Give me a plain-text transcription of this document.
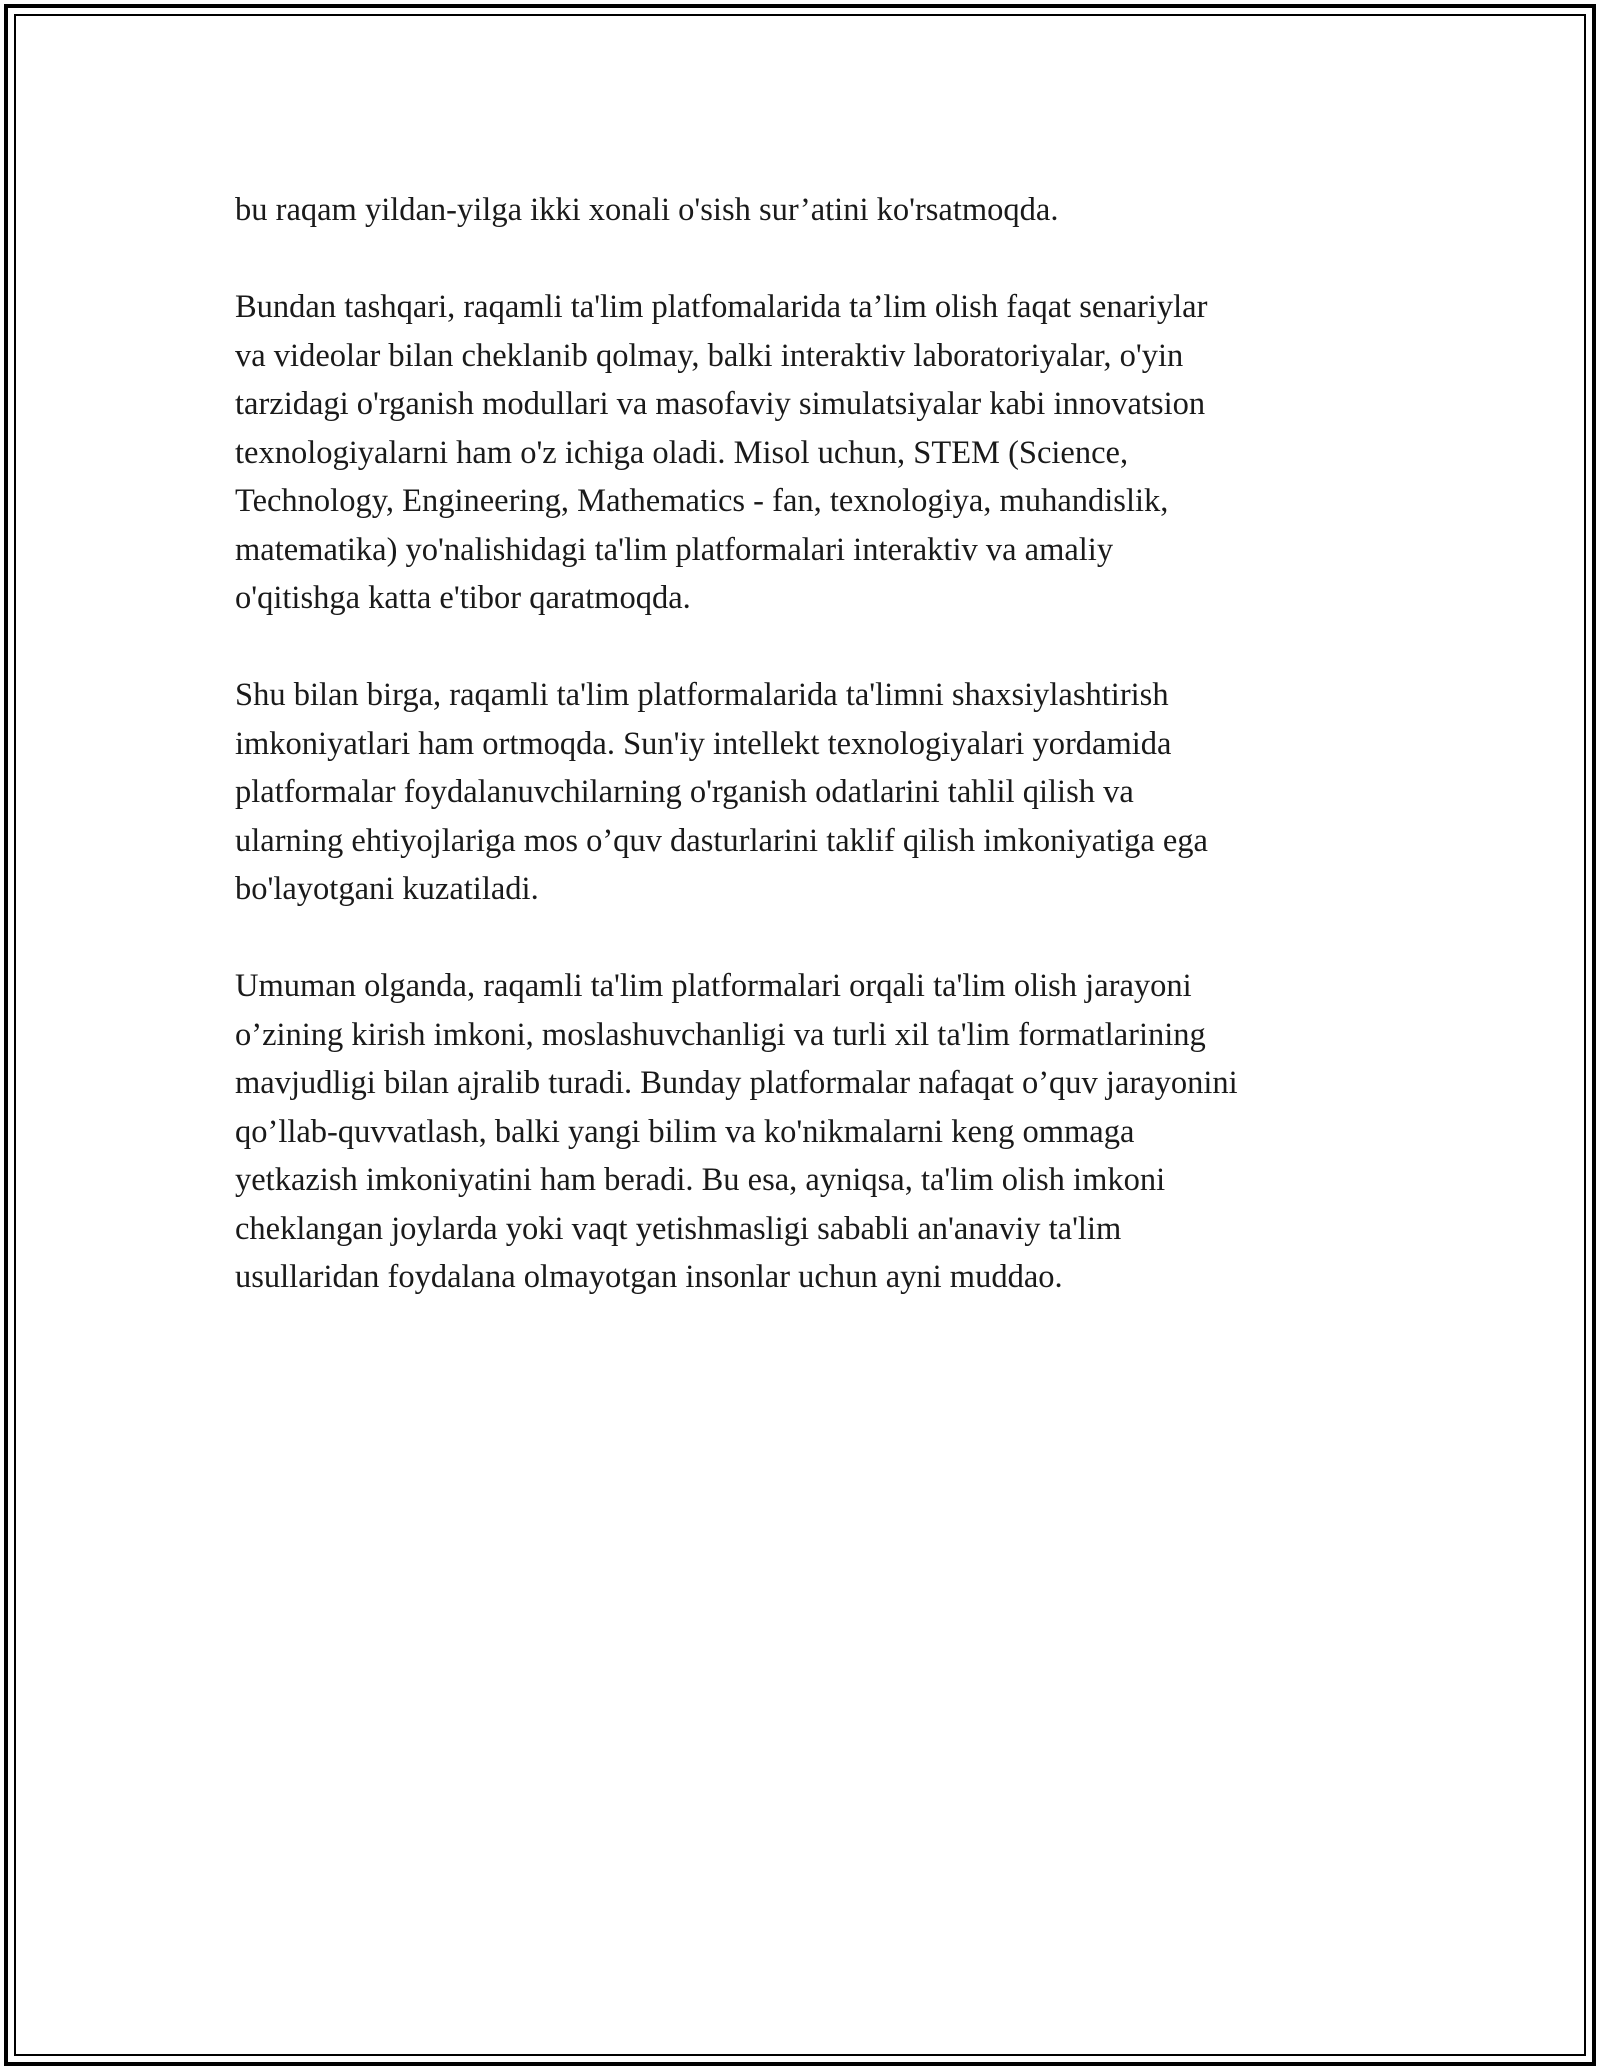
bu raqam yildan-yilga ikki xonali o'sish sur’atini ko'rsatmoqda.

Bundan tashqari, raqamli ta'lim platfomalarida ta’lim olish faqat senariylar
va videolar bilan cheklanib qolmay, balki interaktiv laboratoriyalar, o'yin
tarzidagi o'rganish modullari va masofaviy simulatsiyalar kabi innovatsion
texnologiyalarni ham o'z ichiga oladi. Misol uchun, STEM (Science,
Technology, Engineering, Mathematics - fan, texnologiya, muhandislik,
matematika) yo'nalishidagi ta'lim platformalari interaktiv va amaliy
o'qitishga katta e'tibor qaratmoqda.

Shu bilan birga, raqamli ta'lim platformalarida ta'limni shaxsiylashtirish
imkoniyatlari ham ortmoqda. Sun'iy intellekt texnologiyalari yordamida
platformalar foydalanuvchilarning o'rganish odatlarini tahlil qilish va
ularning ehtiyojlariga mos o’quv dasturlarini taklif qilish imkoniyatiga ega
bo'layotgani kuzatiladi.

Umuman olganda, raqamli ta'lim platformalari orqali ta'lim olish jarayoni
o’zining kirish imkoni, moslashuvchanligi va turli xil ta'lim formatlarining
mavjudligi bilan ajralib turadi. Bunday platformalar nafaqat o’quv jarayonini
qo’llab-quvvatlash, balki yangi bilim va ko'nikmalarni keng ommaga
yetkazish imkoniyatini ham beradi. Bu esa, ayniqsa, ta'lim olish imkoni
cheklangan joylarda yoki vaqt yetishmasligi sababli an'anaviy ta'lim
usullaridan foydalana olmayotgan insonlar uchun ayni muddao.
